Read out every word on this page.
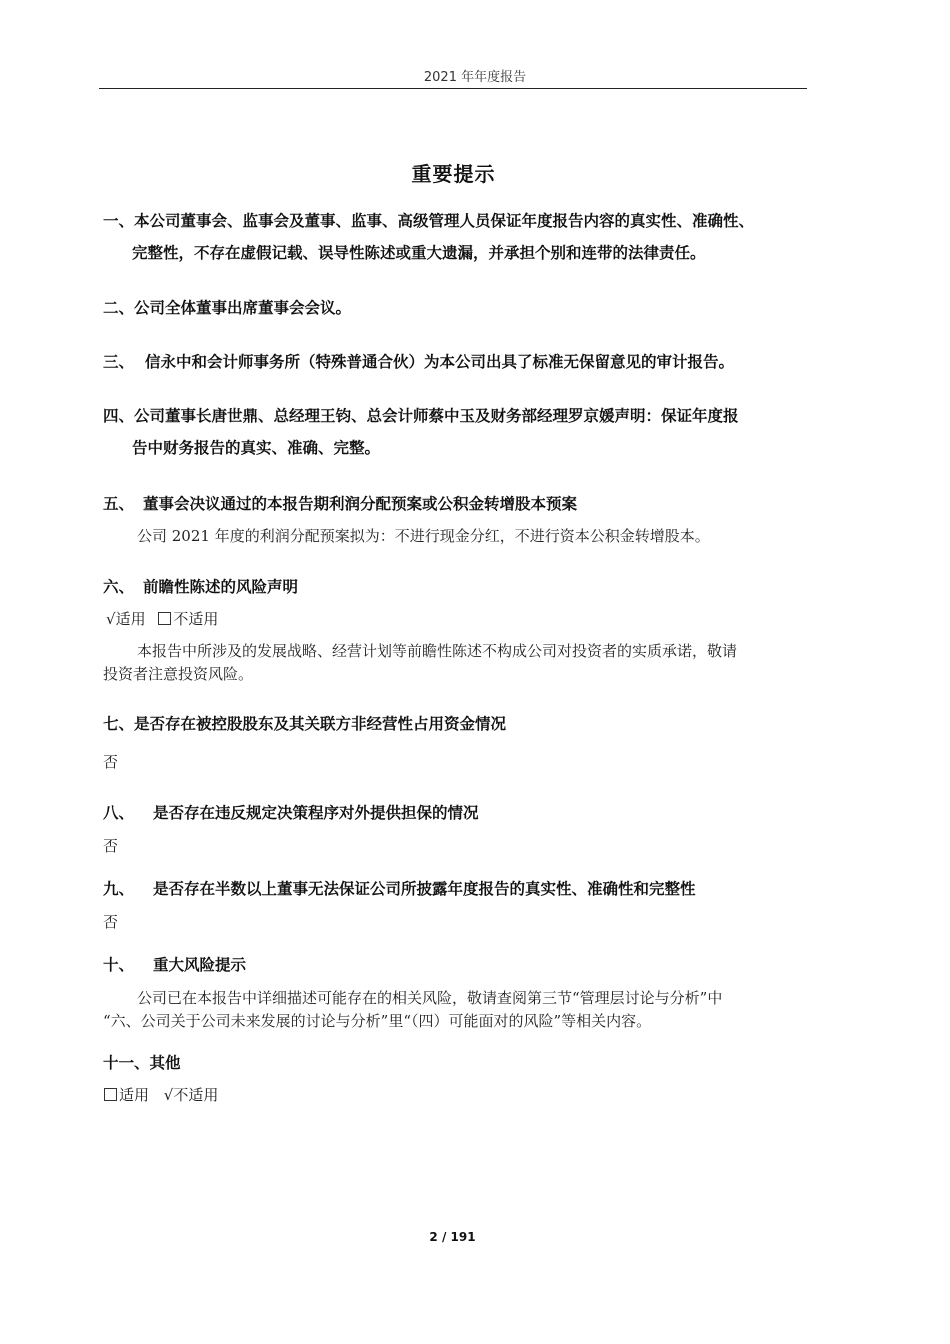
2021 年年度报告
重要提示
一、本公司董事会、监事会及董事、监事、高级管理人员保证年度报告内容的真实性、准确性、
完整性，不存在虚假记载、误导性陈述或重大遗漏，并承担个别和连带的法律责任。
二、公司全体董事出席董事会会议。
三、 信永中和会计师事务所（特殊普通合伙）为本公司出具了标准无保留意见的审计报告。
四、公司董事长唐世鼎、总经理王钧、总会计师蔡中玉及财务部经理罗京媛声明：保证年度报
告中财务报告的真实、准确、完整。
五、 董事会决议通过的本报告期利润分配预案或公积金转增股本预案
公司 2021 年度的利润分配预案拟为：不进行现金分红，不进行资本公积金转增股本。
六、 前瞻性陈述的风险声明
√适用 不适用
本报告中所涉及的发展战略、经营计划等前瞻性陈述不构成公司对投资者的实质承诺，敬请
投资者注意投资风险。
七、是否存在被控股股东及其关联方非经营性占用资金情况
否
八、 是否存在违反规定决策程序对外提供担保的情况
否
九、 是否存在半数以上董事无法保证公司所披露年度报告的真实性、准确性和完整性
否
十、 重大风险提示
公司已在本报告中详细描述可能存在的相关风险，敬请查阅第三节“管理层讨论与分析”中
“六、公司关于公司未来发展的讨论与分析”里“（四）可能面对的风险”等相关内容。
十一、其他
适用 √不适用
2 / 191
